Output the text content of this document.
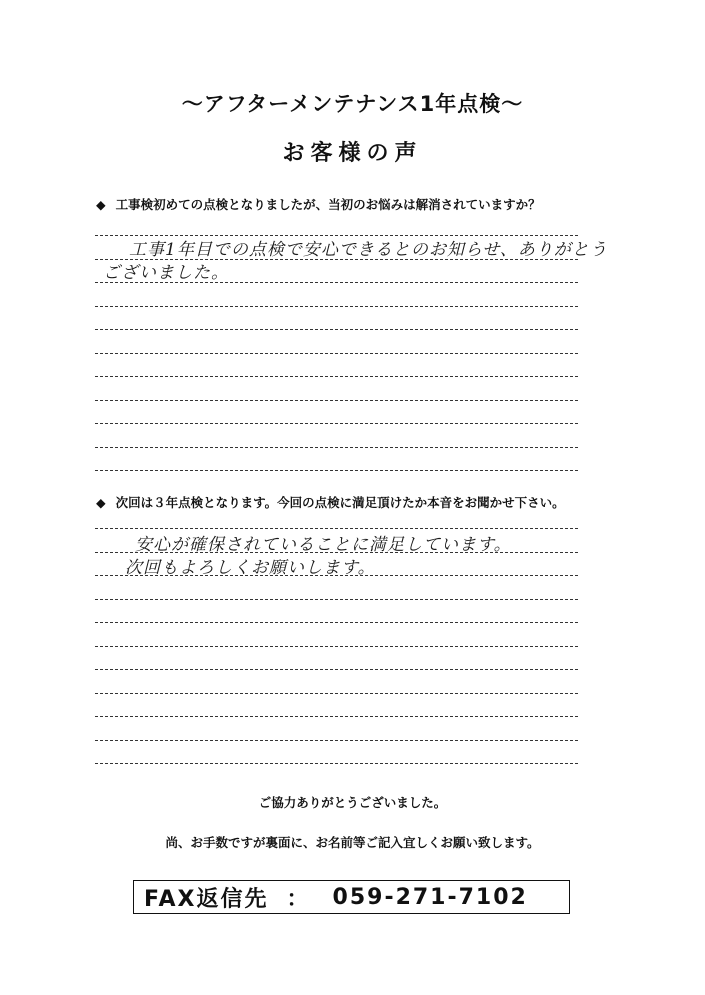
～アフターメンテナンス1年点検～
お客様の声
◆ 工事検初めての点検となりましたが、当初のお悩みは解消されていますか？
工事1年目での点検で安心できるとのお知らせ、ありがとう
ございました。
◆ 次回は３年点検となります。今回の点検に満足頂けたか本音をお聞かせ下さい。
安心が確保されていることに満足しています。
次回もよろしくお願いします。
ご協力ありがとうございました。
尚、お手数ですが裏面に、お名前等ご記入宜しくお願い致します。
FAX返信先 ： 059-271-7102
